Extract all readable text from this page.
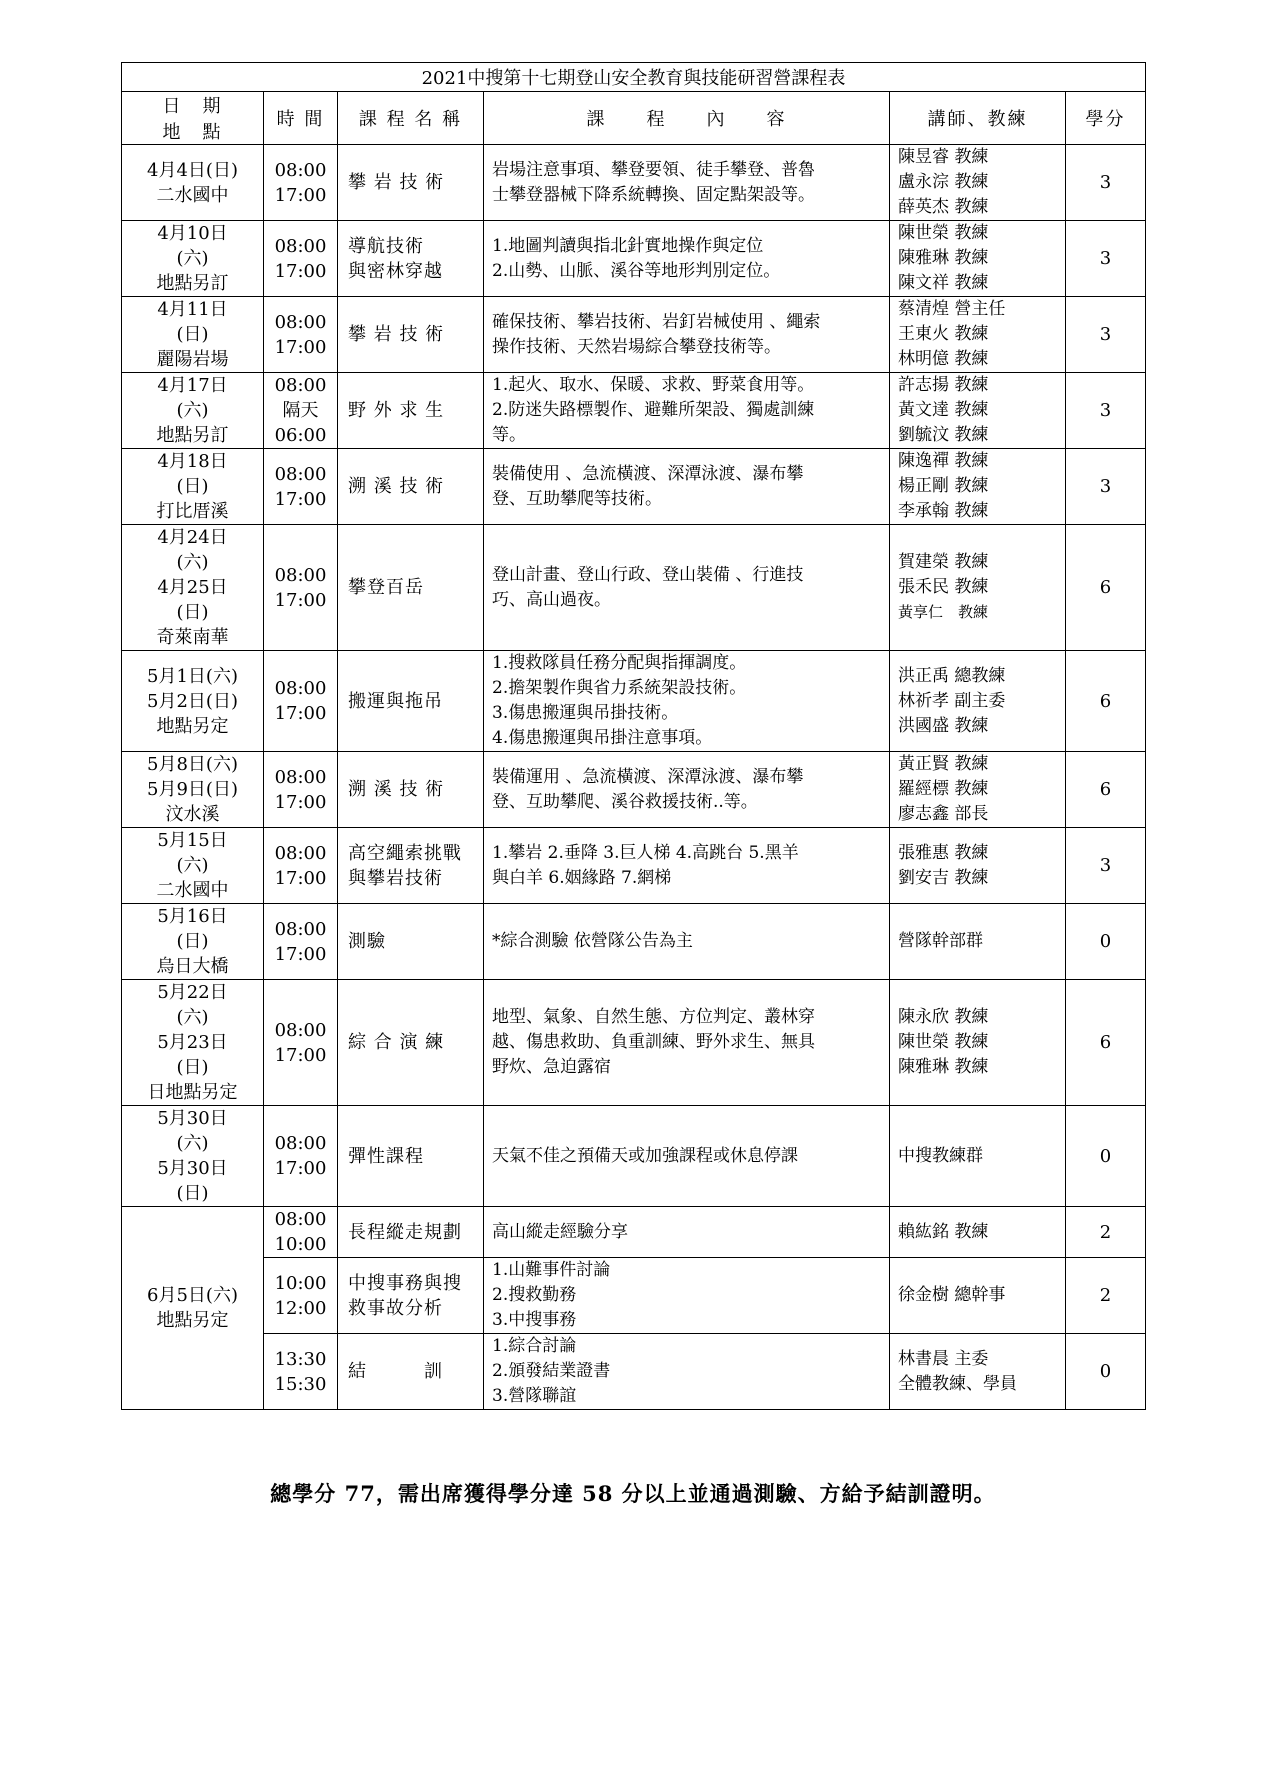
2021中搜第十七期登山安全教育與技能研習營課程表					

日　期
地　點	時 間	課 程 名 稱	課　　程　　內　　容	講師、教練	學分

4月4日(日)
二水國中	08:00
17:00	攀 岩 技 術	岩場注意事項、攀登要領、徒手攀登、普魯
士攀登器械下降系統轉換、固定點架設等。	陳昱睿 教練
盧永淙 教練
薛英杰 教練	3

4月10日
(六)
地點另訂	08:00
17:00	導航技術
與密林穿越	1.地圖判讀與指北針實地操作與定位
2.山勢、山脈、溪谷等地形判別定位。	陳世榮 教練
陳雅琳 教練
陳文祥 教練	3

4月11日
(日)
麗陽岩場	08:00
17:00	攀 岩 技 術	確保技術、攀岩技術、岩釘岩械使用 、繩索
操作技術、天然岩場綜合攀登技術等。	蔡清煌 營主任
王東火 教練
林明億 教練	3

4月17日
(六)
地點另訂	08:00
隔天
06:00	野 外 求 生	1.起火、取水、保暖、求救、野菜食用等。
2.防迷失路標製作、避難所架設、獨處訓練
等。	許志揚 教練
黃文達 教練
劉毓汶 教練	3

4月18日
(日)
打比厝溪	08:00
17:00	溯 溪 技 術	裝備使用 、急流橫渡、深潭泳渡、瀑布攀
登、互助攀爬等技術。	陳逸禪 教練
楊正剛 教練
李承翰 教練	3

4月24日
(六)
4月25日
(日)
奇萊南華	08:00
17:00	攀登百岳	登山計畫、登山行政、登山裝備 、行進技
巧、高山過夜。	賀建榮 教練
張禾民 教練
黃享仁　教練	6

5月1日(六)
5月2日(日)
地點另定	08:00
17:00	搬運與拖吊	1.搜救隊員任務分配與指揮調度。
2.擔架製作與省力系統架設技術。
3.傷患搬運與吊掛技術。
4.傷患搬運與吊掛注意事項。	洪正禹 總教練
林祈孝 副主委
洪國盛 教練	6

5月8日(六)
5月9日(日)
汶水溪	08:00
17:00	溯 溪 技 術	裝備運用 、急流橫渡、深潭泳渡、瀑布攀
登、互助攀爬、溪谷救援技術..等。	黃正賢 教練
羅經標 教練
廖志鑫 部長	6

5月15日
(六)
二水國中	08:00
17:00	高空繩索挑戰
與攀岩技術	1.攀岩 2.垂降 3.巨人梯 4.高跳台 5.黑羊
與白羊 6.姻緣路 7.網梯	張雅惠 教練
劉安吉 教練	3

5月16日
(日)
烏日大橋	08:00
17:00	測驗	*綜合測驗 依營隊公告為主	營隊幹部群	0

5月22日
(六)
5月23日
(日)
日地點另定	08:00
17:00	綜 合 演 練	地型、氣象、自然生態、方位判定、叢林穿
越、傷患救助、負重訓練、野外求生、無具
野炊、急迫露宿	陳永欣 教練
陳世榮 教練
陳雅琳 教練	6

5月30日
(六)
5月30日
(日)	08:00
17:00	彈性課程	天氣不佳之預備天或加強課程或休息停課	中搜教練群	0

6月5日(六)
地點另定	08:00
10:00	長程縱走規劃	高山縱走經驗分享	賴紘銘 教練	2

	10:00
12:00	中搜事務與搜
救事故分析	1.山難事件討論
2.搜救勤務
3.中搜事務	徐金樹 總幹事	2

	13:30
15:30	結　　　訓	1.綜合討論
2.頒發結業證書
3.營隊聯誼	林書晨 主委
全體教練、學員	0
總學分 77，需出席獲得學分達 58 分以上並通過測驗、方給予結訓證明。
